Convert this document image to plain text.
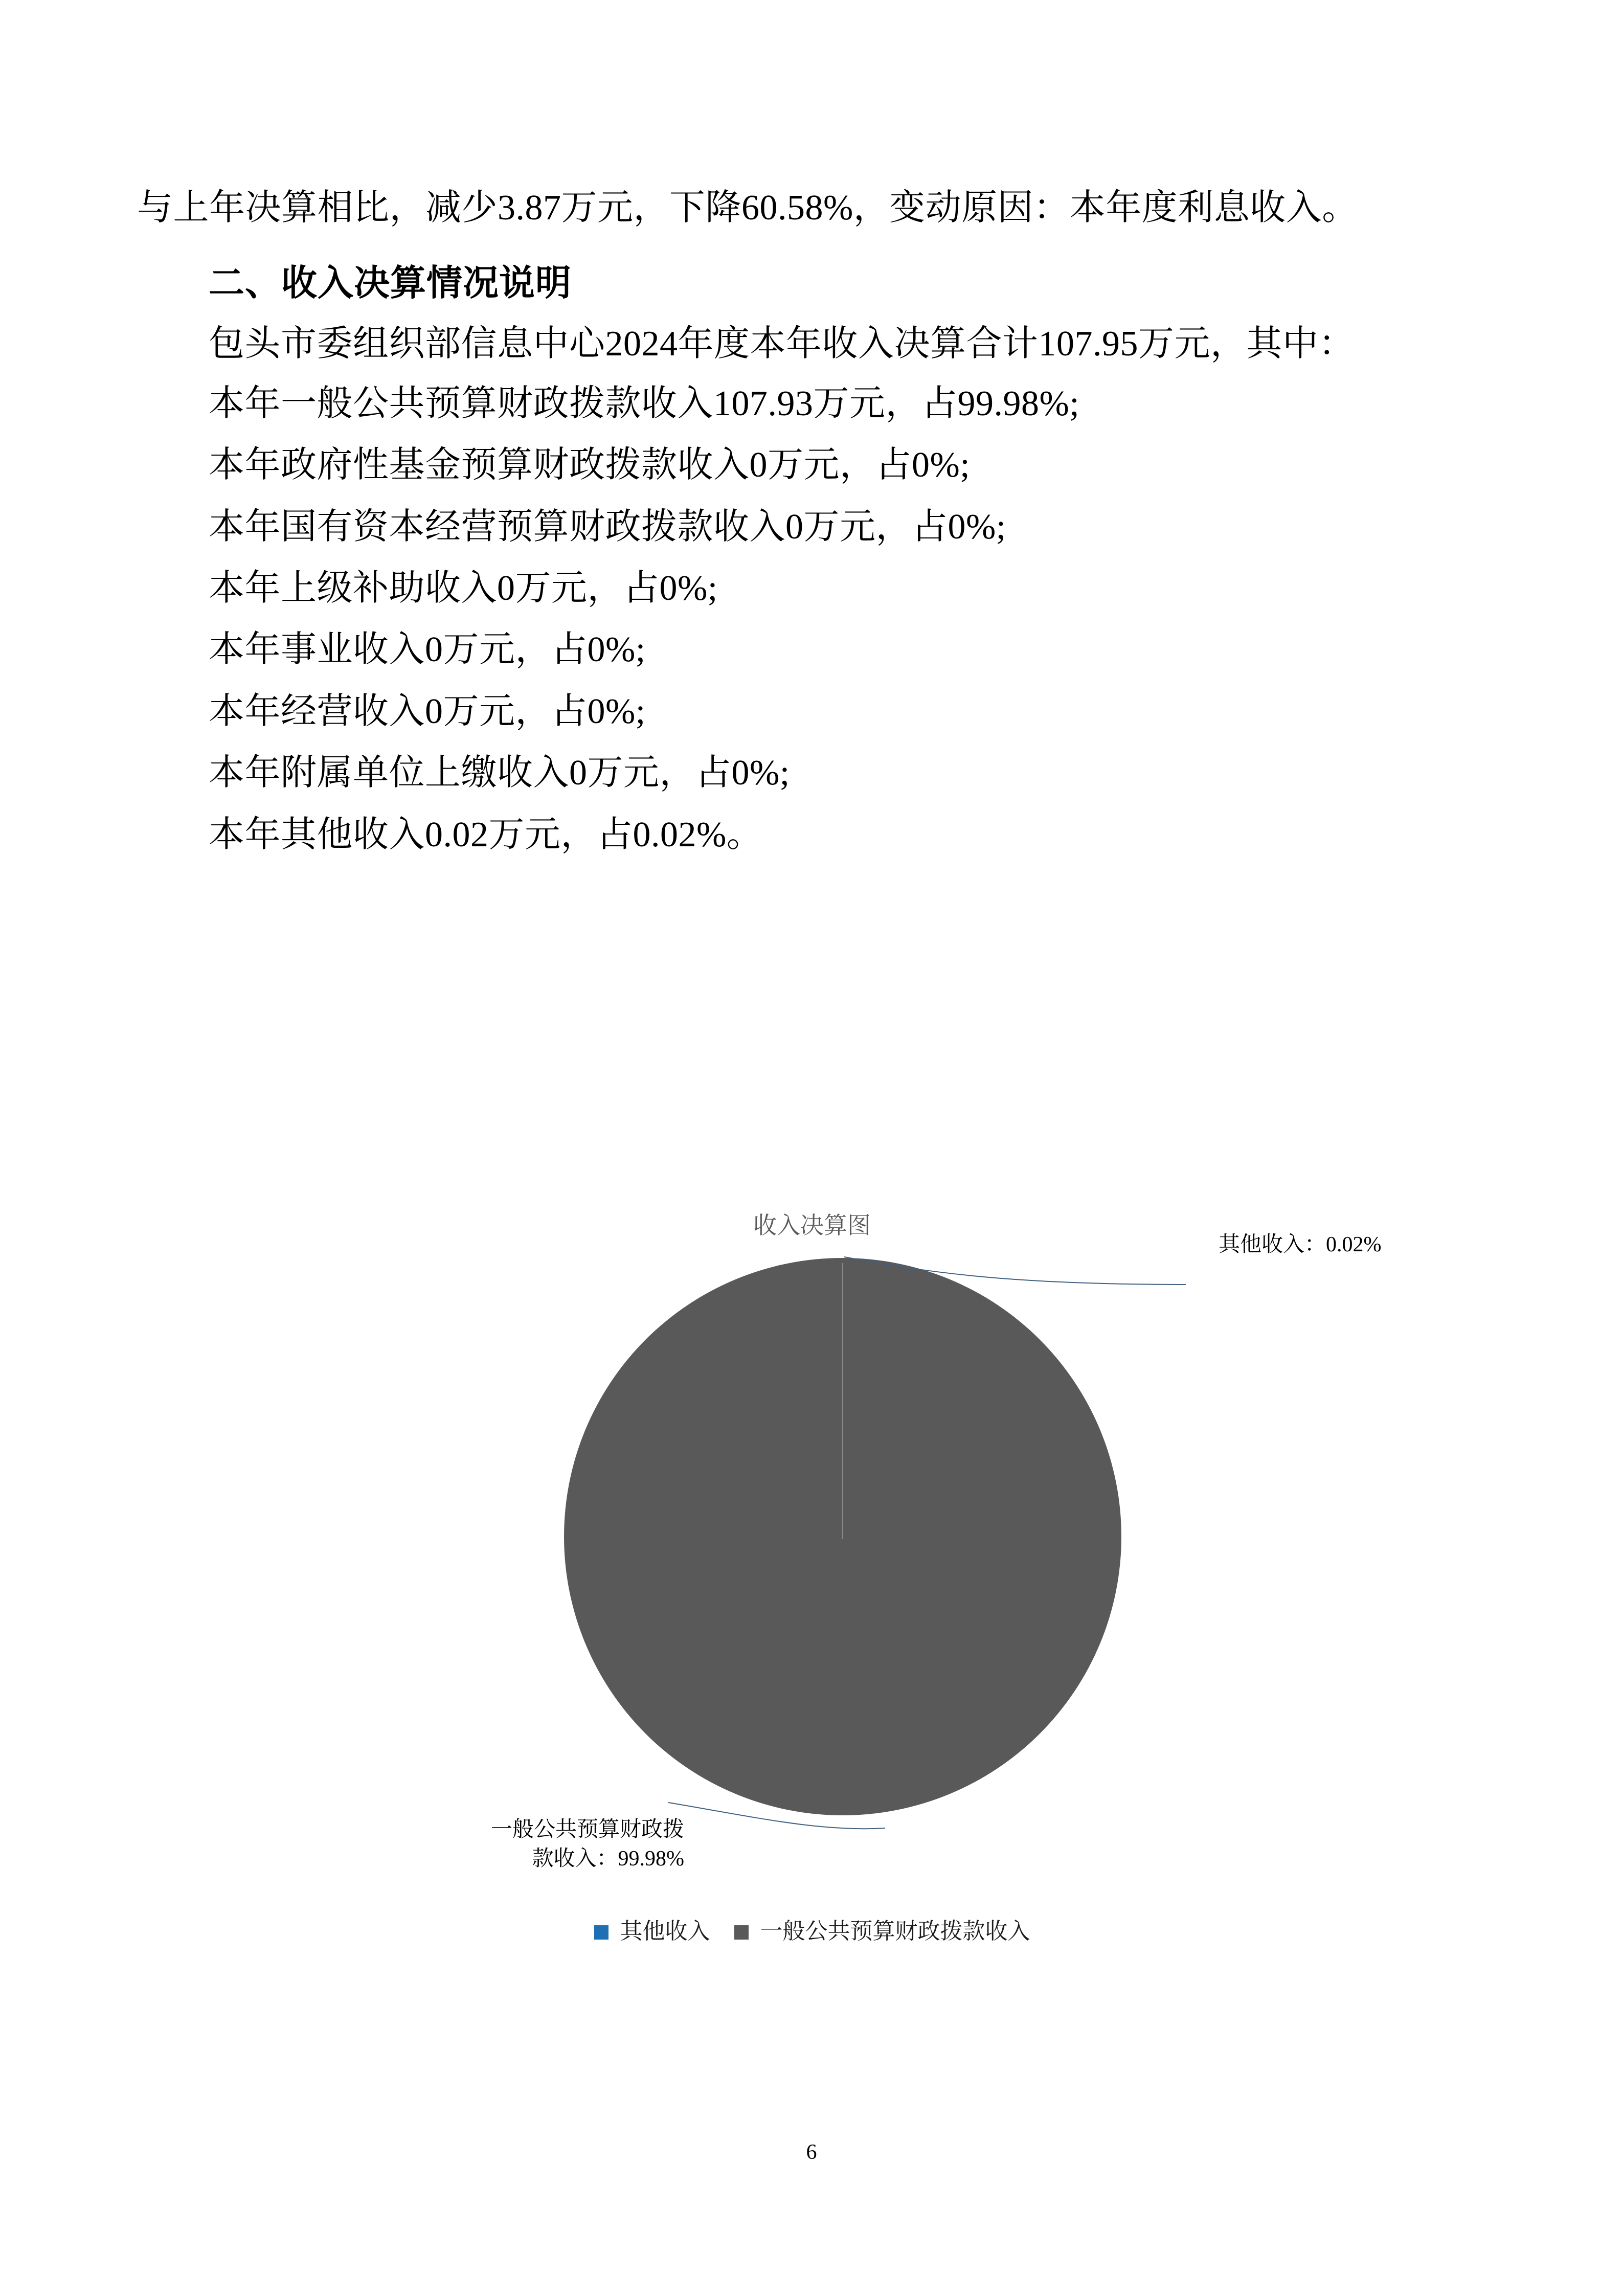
与上年决算相比，减少3.87万元，下降60.58%，变动原因：本年度利息收入。

二、收入决算情况说明

包头市委组织部信息中心2024年度本年收入决算合计107.95万元，其中：

本年一般公共预算财政拨款收入107.93万元，占99.98%;

本年政府性基金预算财政拨款收入0万元，占0%;

本年国有资本经营预算财政拨款收入0万元，占0%;

本年上级补助收入0万元，占0%;

本年事业收入0万元，占0%;

本年经营收入0万元，占0%;

本年附属单位上缴收入0万元，占0%;

本年其他收入0.02万元，占0.02%。

收入决算图
其他收入：0.02%
一般公共预算财政拨
款收入：99.98%
其他收入 一般公共预算财政拨款收入
6
